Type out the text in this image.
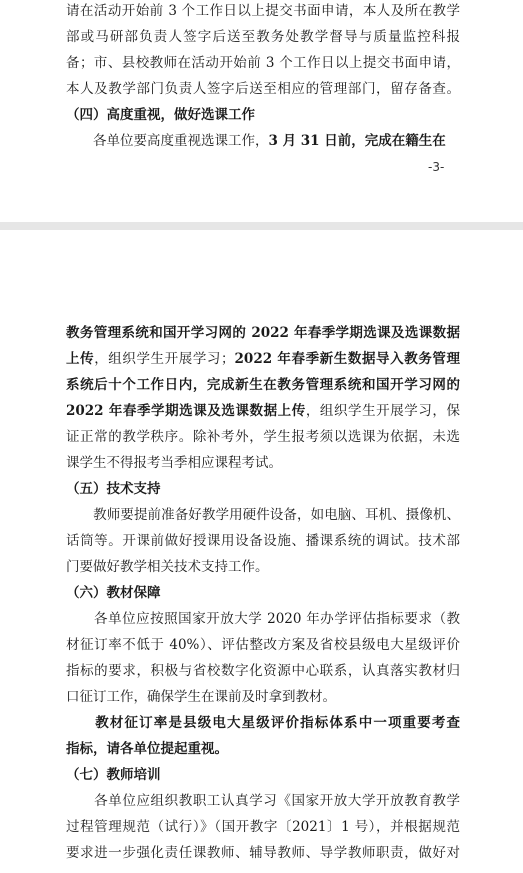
请在活动开始前 3 个工作日以上提交书面申请，本人及所在教学
部或马研部负责人签字后送至教务处教学督导与质量监控科报
备；市、县校教师在活动开始前 3 个工作日以上提交书面申请，
本人及教学部门负责人签字后送至相应的管理部门，留存备查。
（四）高度重视，做好选课工作
　　各单位要高度重视选课工作，3 月 31 日前，完成在籍生在
-3-
教务管理系统和国开学习网的 2022 年春季学期选课及选课数据
上传，组织学生开展学习；2022 年春季新生数据导入教务管理
系统后十个工作日内，完成新生在教务管理系统和国开学习网的
2022 年春季学期选课及选课数据上传，组织学生开展学习，保
证正常的教学秩序。除补考外，学生报考须以选课为依据，未选
课学生不得报考当季相应课程考试。
（五）技术支持
　　教师要提前准备好教学用硬件设备，如电脑、耳机、摄像机、
话筒等。开课前做好授课用设备设施、播课系统的调试。技术部
门要做好教学相关技术支持工作。
（六）教材保障
　　各单位应按照国家开放大学 2020 年办学评估指标要求（教
材征订率不低于 40%）、评估整改方案及省校县级电大星级评价
指标的要求，积极与省校数字化资源中心联系，认真落实教材归
口征订工作，确保学生在课前及时拿到教材。
　　教材征订率是县级电大星级评价指标体系中一项重要考查
指标，请各单位提起重视。
（七）教师培训
　　各单位应组织教职工认真学习《国家开放大学开放教育教学
过程管理规范（试行）》（国开教字〔2021〕1 号），并根据规范
要求进一步强化责任课教师、辅导教师、导学教师职责，做好对
